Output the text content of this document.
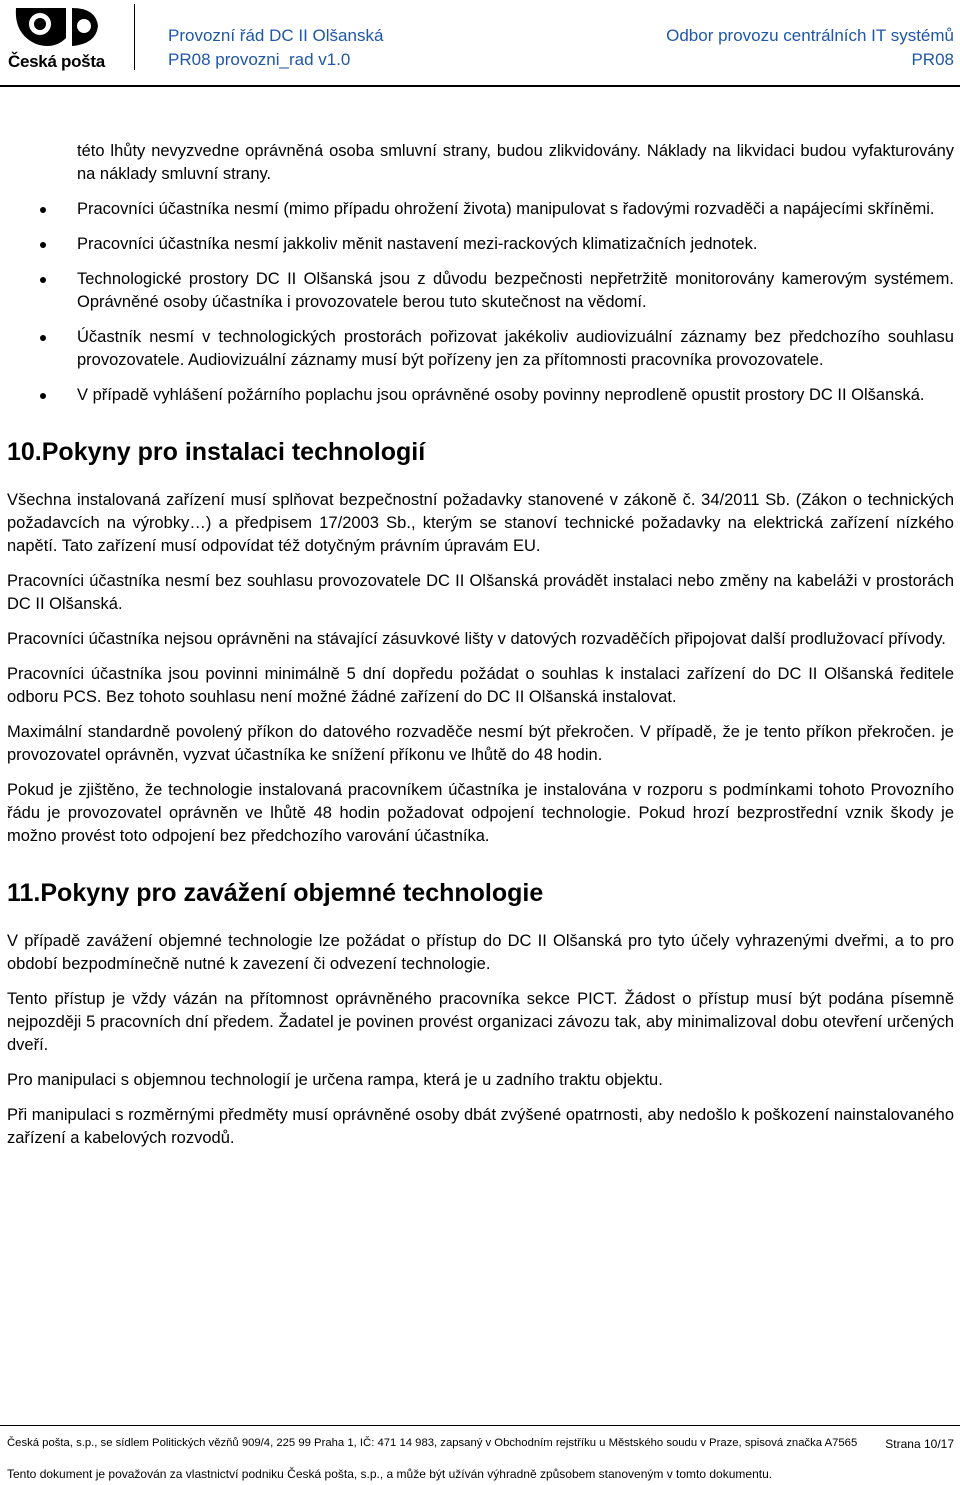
Česká pošta
Provozní řád DC II Olšanská
PR08 provozni_rad v1.0
Odbor provozu centrálních IT systémů
PR08

této lhůty nevyzvedne oprávněná osoba smluvní strany, budou zlikvidovány. Náklady na likvidaci budou vyfakturovány na náklady smluvní strany.

Pracovníci účastníka nesmí (mimo případu ohrožení života) manipulovat s řadovými rozvaděči a napájecími skříněmi.
Pracovníci účastníka nesmí jakkoliv měnit nastavení mezi-rackových klimatizačních jednotek.
Technologické prostory DC II Olšanská jsou z důvodu bezpečnosti nepřetržitě monitorovány kamerovým systémem. Oprávněné osoby účastníka i provozovatele berou tuto skutečnost na vědomí.
Účastník nesmí v technologických prostorách pořizovat jakékoliv audiovizuální záznamy bez předchozího souhlasu provozovatele. Audiovizuální záznamy musí být pořízeny jen za přítomnosti pracovníka provozovatele.
V případě vyhlášení požárního poplachu jsou oprávněné osoby povinny neprodleně opustit prostory DC II Olšanská.
10.Pokyny pro instalaci technologií

Všechna instalovaná zařízení musí splňovat bezpečnostní požadavky stanovené v zákoně č. 34/2011 Sb. (Zákon o technických požadavcích na výrobky…) a předpisem 17/2003 Sb., kterým se stanoví technické požadavky na elektrická zařízení nízkého napětí. Tato zařízení musí odpovídat též dotyčným právním úpravám EU.

Pracovníci účastníka nesmí bez souhlasu provozovatele DC II Olšanská provádět instalaci nebo změny na kabeláži v prostorách DC II Olšanská.

Pracovníci účastníka nejsou oprávněni na stávající zásuvkové lišty v datových rozvaděčích připojovat další prodlužovací přívody.

Pracovníci účastníka jsou povinni minimálně 5 dní dopředu požádat o souhlas k instalaci zařízení do DC II Olšanská ředitele odboru PCS. Bez tohoto souhlasu není možné žádné zařízení do DC II Olšanská instalovat.

Maximální standardně povolený příkon do datového rozvaděče nesmí být překročen. V případě, že je tento příkon překročen. je provozovatel oprávněn, vyzvat účastníka ke snížení příkonu ve lhůtě do 48 hodin.

Pokud je zjištěno, že technologie instalovaná pracovníkem účastníka je instalována v rozporu s podmínkami tohoto Provozního řádu je provozovatel oprávněn ve lhůtě 48 hodin požadovat odpojení technologie. Pokud hrozí bezprostřední vznik škody je možno provést toto odpojení bez předchozího varování účastníka.

11.Pokyny pro zavážení objemné technologie

V případě zavážení objemné technologie lze požádat o přístup do DC II Olšanská pro tyto účely vyhrazenými dveřmi, a to pro období bezpodmínečně nutné k zavezení či odvezení technologie.

Tento přístup je vždy vázán na přítomnost oprávněného pracovníka sekce PICT. Žádost o přístup musí být podána písemně nejpozději 5 pracovních dní předem. Žadatel je povinen provést organizaci závozu tak, aby minimalizoval dobu otevření určených dveří.

Pro manipulaci s objemnou technologií je určena rampa, která je u zadního traktu objektu.

Při manipulaci s rozměrnými předměty musí oprávněné osoby dbát zvýšené opatrnosti, aby nedošlo k poškození nainstalovaného zařízení a kabelových rozvodů.

Česká pošta, s.p., se sídlem Politických vězňů 909/4, 225 99 Praha 1, IČ: 471 14 983, zapsaný v Obchodním rejstříku u Městského soudu v Praze, spisová značka A7565 Strana 10/17
Tento dokument je považován za vlastnictví podniku Česká pošta, s.p., a může být užíván výhradně způsobem stanoveným v tomto dokumentu.
